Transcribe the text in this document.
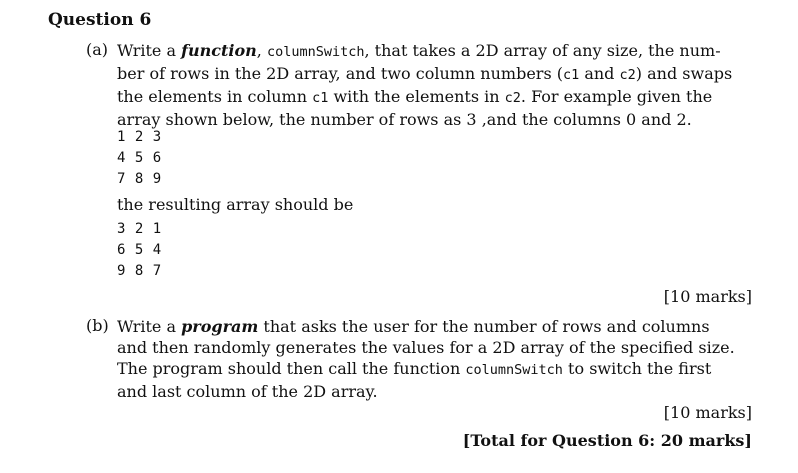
Question 6
(a) Write a function, columnSwitch, that takes a 2D array of any size, the num-
ber of rows in the 2D array, and two column numbers (c1 and c2) and swaps
the elements in column c1 with the elements in c2. For example given the
array shown below, the number of rows as 3 ,and the columns 0 and 2.
1 2 3
4 5 6
7 8 9
the resulting array should be
3 2 1
6 5 4
9 8 7
[10 marks]
(b) Write a program that asks the user for the number of rows and columns
and then randomly generates the values for a 2D array of the specified size.
The program should then call the function columnSwitch to switch the first
and last column of the 2D array.
[10 marks]
[Total for Question 6: 20 marks]
